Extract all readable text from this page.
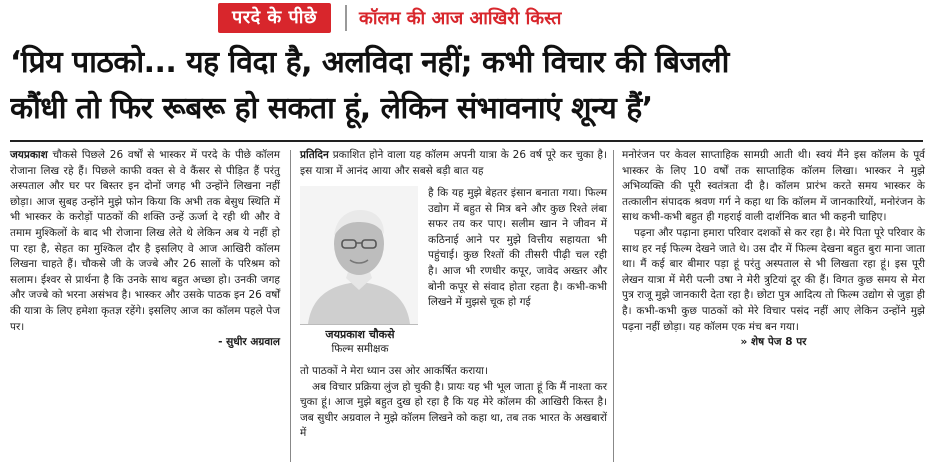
परदे के पीछे	कॉलम की आज आखिरी किस्त
‘प्रिय पाठको... यह विदा है, अलविदा नहीं; कभी विचार की बिजली
कौंधी तो फिर रूबरू हो सकता हूं, लेकिन संभावनाएं शून्य हैं’

जयप्रकाश चौकसे पिछले 26 वर्षों से भास्कर में परदे के पीछे कॉलम रोजाना लिख रहे हैं। पिछले काफी वक्त से वे कैंसर से पीड़ित हैं परंतु अस्पताल और घर पर बिस्तर इन दोनों जगह भी उन्होंने लिखना नहीं छोड़ा। आज सुबह उन्होंने मुझे फोन किया कि अभी तक बेसुध स्थिति में भी भास्कर के करोड़ों पाठकों की शक्ति उन्हें ऊर्जा दे रही थी और वे तमाम मुश्किलों के बाद भी रोजाना लिख लेते थे लेकिन अब ये नहीं हो पा रहा है, सेहत का मुश्किल दौर है इसलिए वे आज आखिरी कॉलम लिखना चाहते हैं। चौकसे जी के जज्बे और 26 सालों के परिश्रम को सलाम। ईश्वर से प्रार्थना है कि उनके साथ बहुत अच्छा हो। उनकी जगह और जज्बे को भरना असंभव है। भास्कर और उसके पाठक इन 26 वर्षों की यात्रा के लिए हमेशा कृतज्ञ रहेंगे। इसलिए आज का कॉलम पहले पेज पर।

- सुधीर अग्रवाल

प्रतिदिन प्रकाशित होने वाला यह कॉलम अपनी यात्रा के 26 वर्ष पूरे कर चुका है। इस यात्रा में आनंद आया और सबसे बड़ी बात यह

जयप्रकाश चौकसे
फिल्म समीक्षक

है कि यह मुझे बेहतर इंसान बनाता गया। फिल्म उद्योग में बहुत से मित्र बने और कुछ रिश्ते लंबा सफर तय कर पाए। सलीम खान ने जीवन में कठिनाई आने पर मुझे वित्तीय सहायता भी पहुंचाई। कुछ रिश्तों की तीसरी पीढ़ी चल रही है। आज भी रणधीर कपूर, जावेद अख्तर और बोनी कपूर से संवाद होता रहता है। कभी-कभी लिखने में मुझसे चूक हो गई

तो पाठकों ने मेरा ध्यान उस ओर आकर्षित कराया।

अब विचार प्रक्रिया लुंज हो चुकी है। प्रायः यह भी भूल जाता हूं कि मैं नाश्ता कर चुका हूं। आज मुझे बहुत दुख हो रहा है कि यह मेरे कॉलम की आखिरी किस्त है। जब सुधीर अग्रवाल ने मुझे कॉलम लिखने को कहा था, तब तक भारत के अखबारों में

मनोरंजन पर केवल साप्ताहिक सामग्री आती थी। स्वयं मैंने इस कॉलम के पूर्व भास्कर के लिए 10 वर्षों तक साप्ताहिक कॉलम लिखा। भास्कर ने मुझे अभिव्यक्ति की पूरी स्वतंत्रता दी है। कॉलम प्रारंभ करते समय भास्कर के तत्कालीन संपादक श्रवण गर्ग ने कहा था कि कॉलम में जानकारियों, मनोरंजन के साथ कभी-कभी बहुत ही गहराई वाली दार्शनिक बात भी कहनी चाहिए।

पढ़ना और पढ़ाना हमारा परिवार दशकों से कर रहा है। मेरे पिता पूरे परिवार के साथ हर नई फिल्म देखने जाते थे। उस दौर में फिल्म देखना बहुत बुरा माना जाता था। मैं कई बार बीमार पड़ा हूं परंतु अस्पताल से भी लिखता रहा हूं। इस पूरी लेखन यात्रा में मेरी पत्नी उषा ने मेरी त्रुटियां दूर की हैं। विगत कुछ समय से मेरा पुत्र राजू मुझे जानकारी देता रहा है। छोटा पुत्र आदित्य तो फिल्म उद्योग से जुड़ा ही है। कभी-कभी कुछ पाठकों को मेरे विचार पसंद नहीं आए लेकिन उन्होंने मुझे पढ़ना नहीं छोड़ा। यह कॉलम एक मंच बन गया।

» शेष पेज 8 पर
